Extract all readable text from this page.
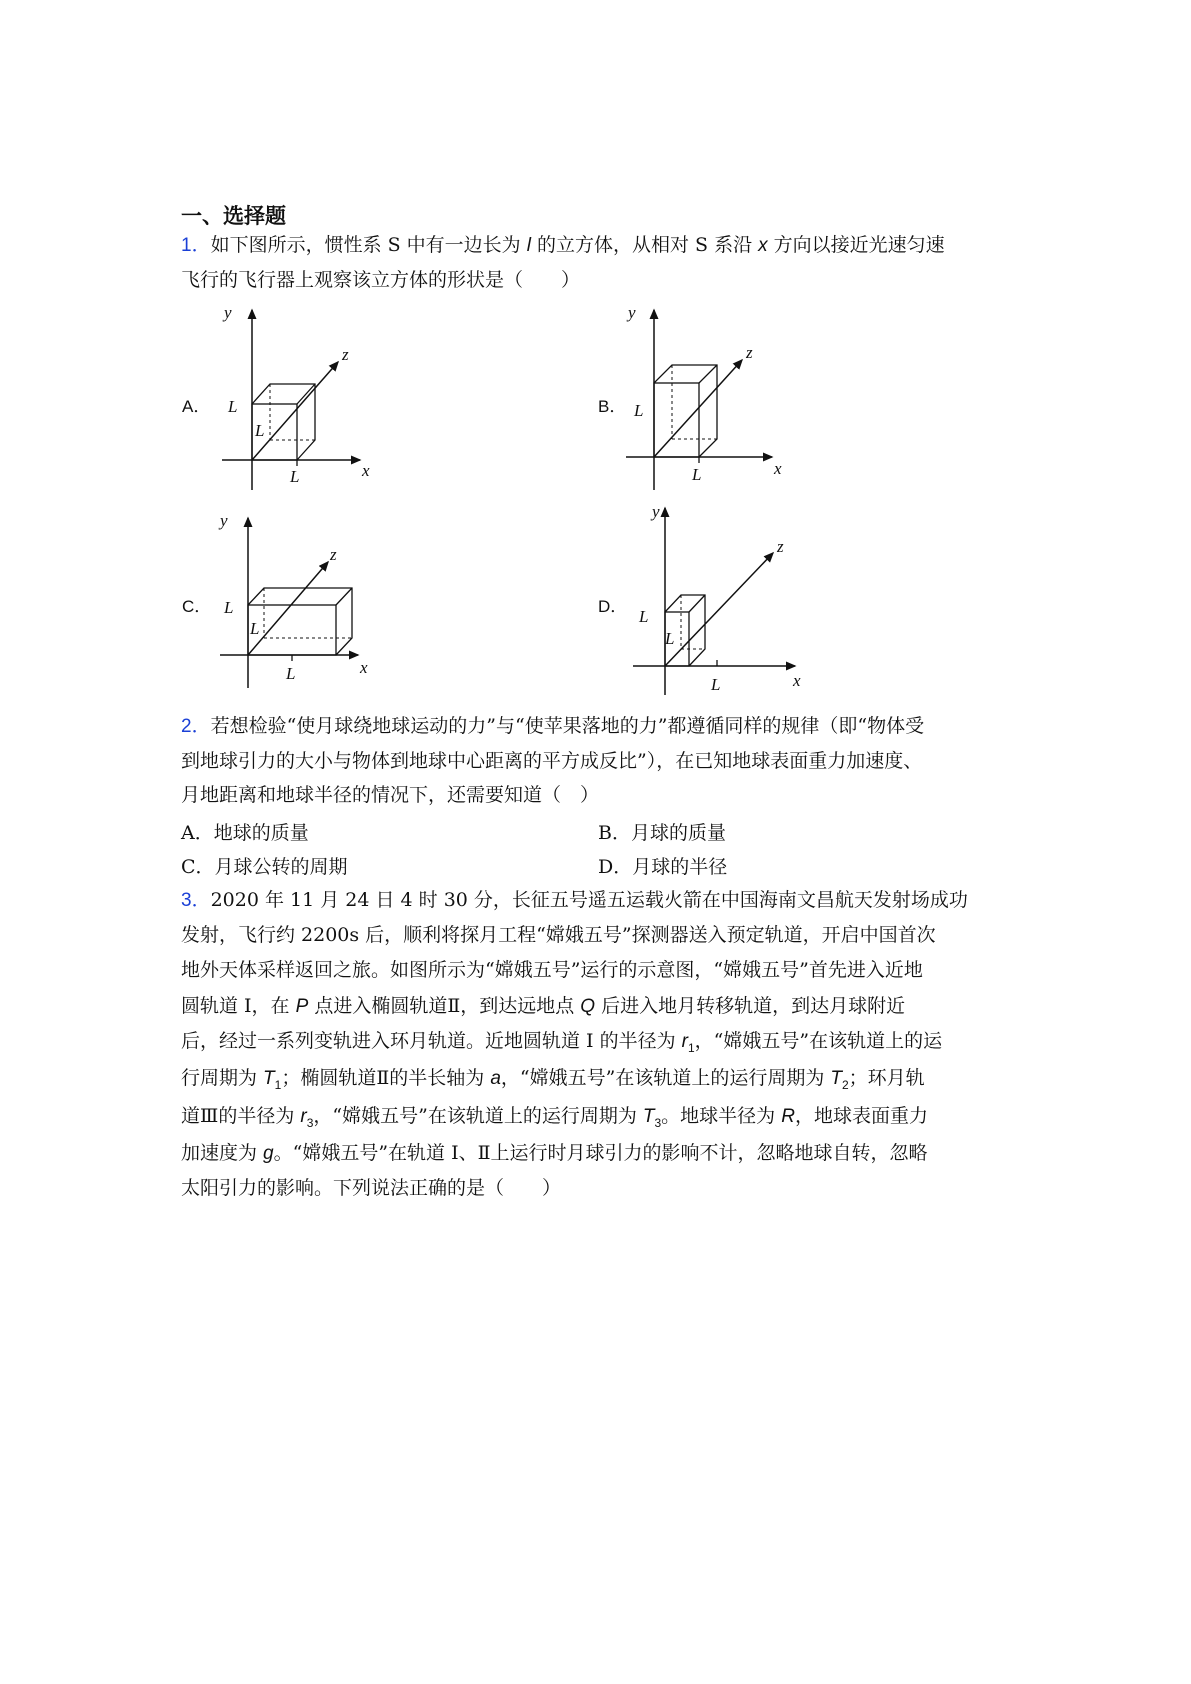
一、选择题
1．如下图所示，惯性系 S 中有一边长为 l 的立方体，从相对 S 系沿 x 方向以接近光速匀速
飞行的飞行器上观察该立方体的形状是（　　）
A．
y
x
z
L
L
L
B．
y
x
z
L
L
C．
y
x
z
L
L
L
D．
y
x
z
L
L
L
2．若想检验“使月球绕地球运动的力”与“使苹果落地的力”都遵循同样的规律（即“物体受
到地球引力的大小与物体到地球中心距离的平方成反比”），在已知地球表面重力加速度、
月地距离和地球半径的情况下，还需要知道（　）
A．地球的质量	B．月球的质量
C．月球公转的周期	D．月球的半径
3．2020 年 11 月 24 日 4 时 30 分，长征五号遥五运载火箭在中国海南文昌航天发射场成功
发射，飞行约 2200s 后，顺利将探月工程“嫦娥五号”探测器送入预定轨道，开启中国首次
地外天体采样返回之旅。如图所示为“嫦娥五号”运行的示意图，“嫦娥五号”首先进入近地
圆轨道 I，在 P 点进入椭圆轨道Ⅱ，到达远地点 Q 后进入地月转移轨道，到达月球附近
后，经过一系列变轨进入环月轨道。近地圆轨道 I 的半径为 $r_1$，“嫦娥五号”在该轨道上的运
行周期为 $T_1$；椭圆轨道Ⅱ的半长轴为 a，“嫦娥五号”在该轨道上的运行周期为 $T_2$；环月轨
道Ⅲ的半径为 $r_3$，“嫦娥五号”在该轨道上的运行周期为 $T_3$。地球半径为 R，地球表面重力
加速度为 g。“嫦娥五号”在轨道 I、Ⅱ上运行时月球引力的影响不计，忽略地球自转，忽略
太阳引力的影响。下列说法正确的是（　　）
